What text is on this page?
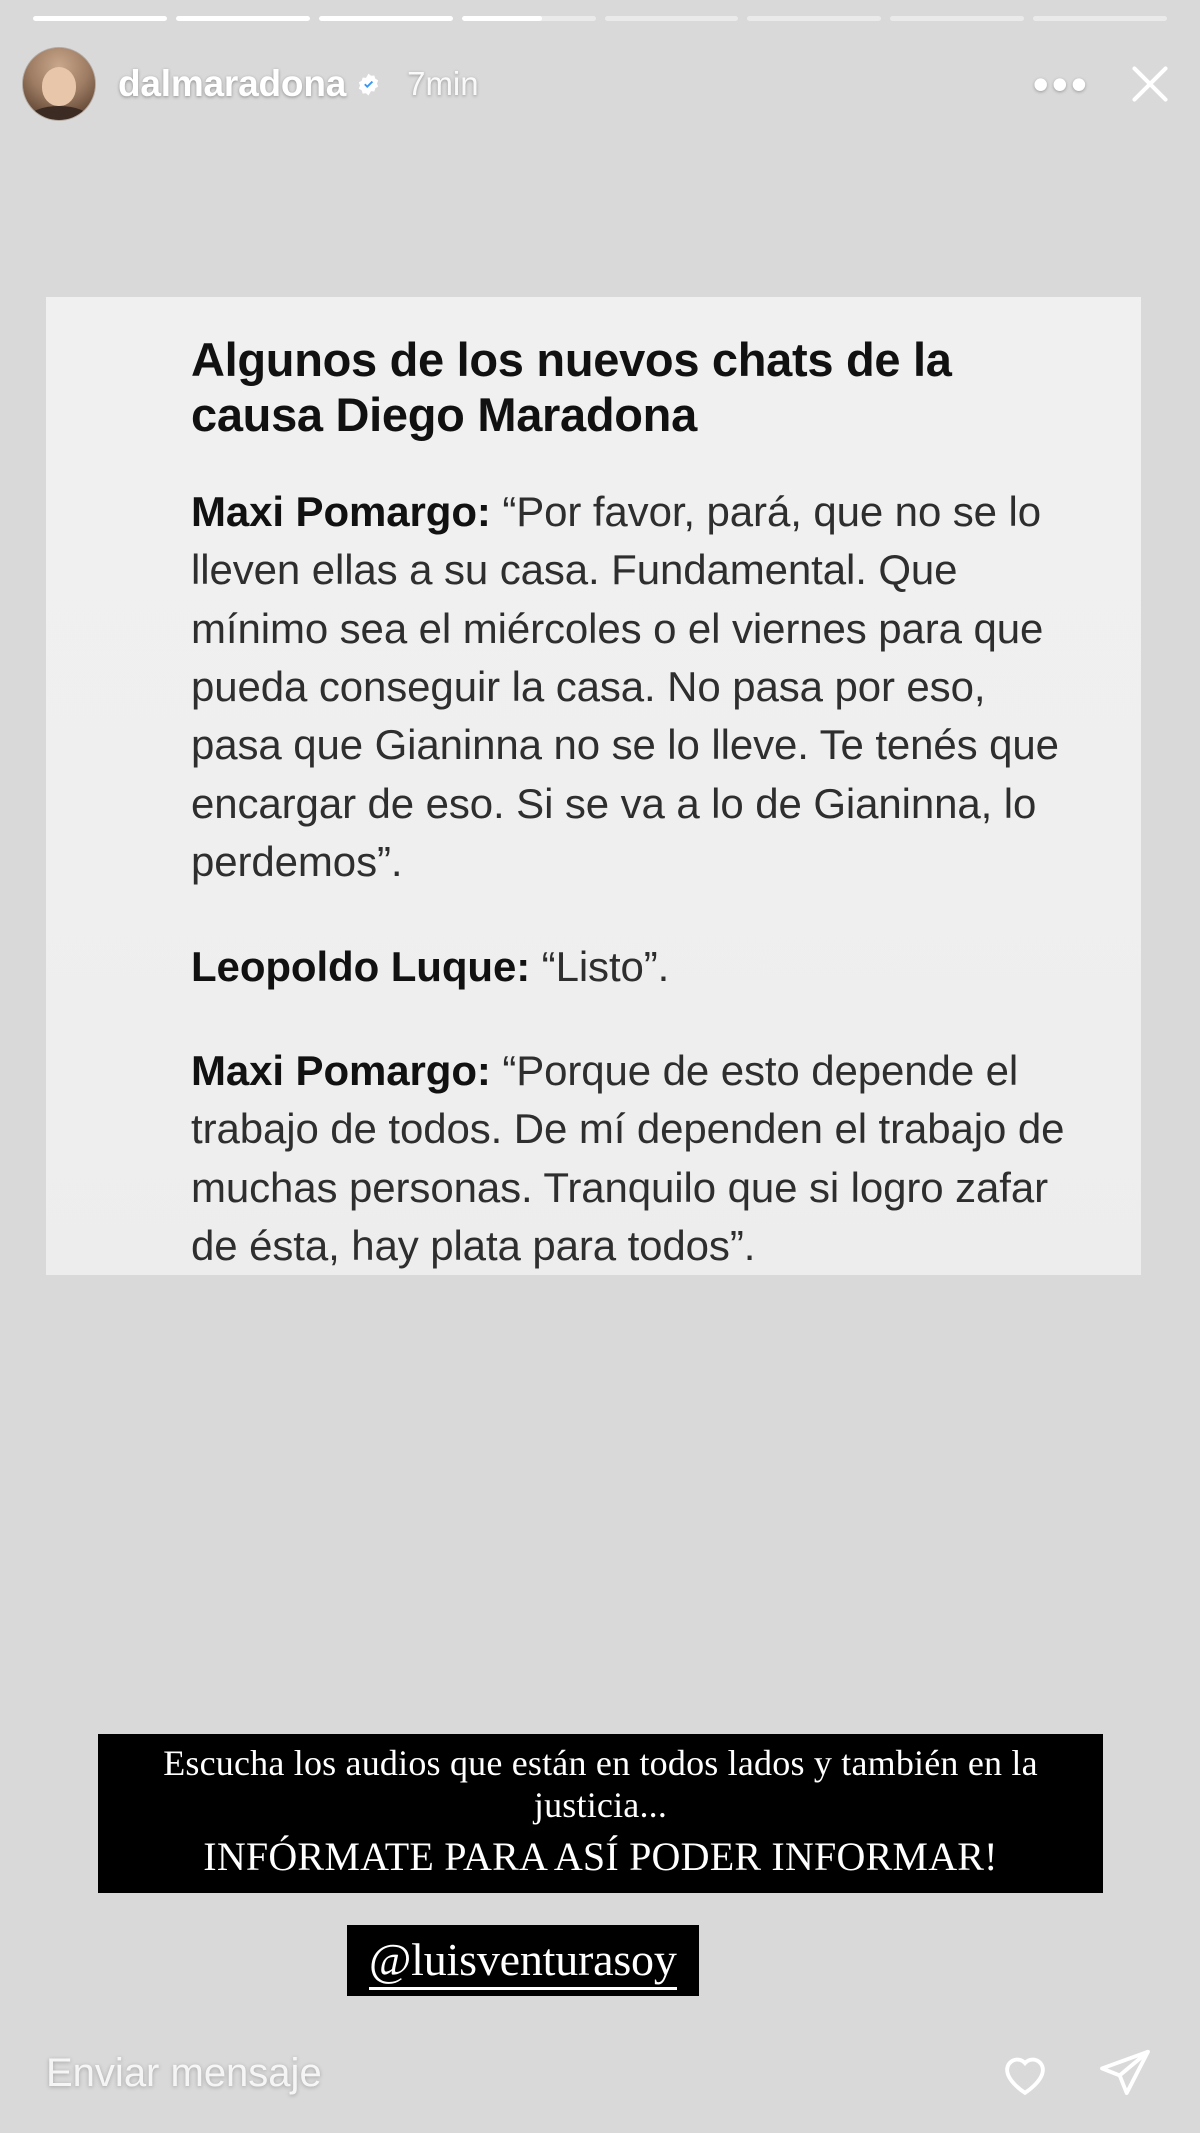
dalmaradona 7min	•••
Algunos de los nuevos chats de la causa Diego Maradona

Maxi Pomargo: “Por favor, pará, que no se lo lleven ellas a su casa. Fundamental. Que mínimo sea el miércoles o el viernes para que pueda conseguir la casa. No pasa por eso, pasa que Gianinna no se lo lleve. Te tenés que encargar de eso. Si se va a lo de Gianinna, lo perdemos”.

Leopoldo Luque: “Listo”.

Maxi Pomargo: “Porque de esto depende el trabajo de todos. De mí dependen el trabajo de muchas personas. Tranquilo que si logro zafar de ésta, hay plata para todos”.

Escucha los audios que están en todos lados y también en la justicia...
INFÓRMATE PARA ASÍ PODER INFORMAR!
@luisventurasoy
Enviar mensaje
